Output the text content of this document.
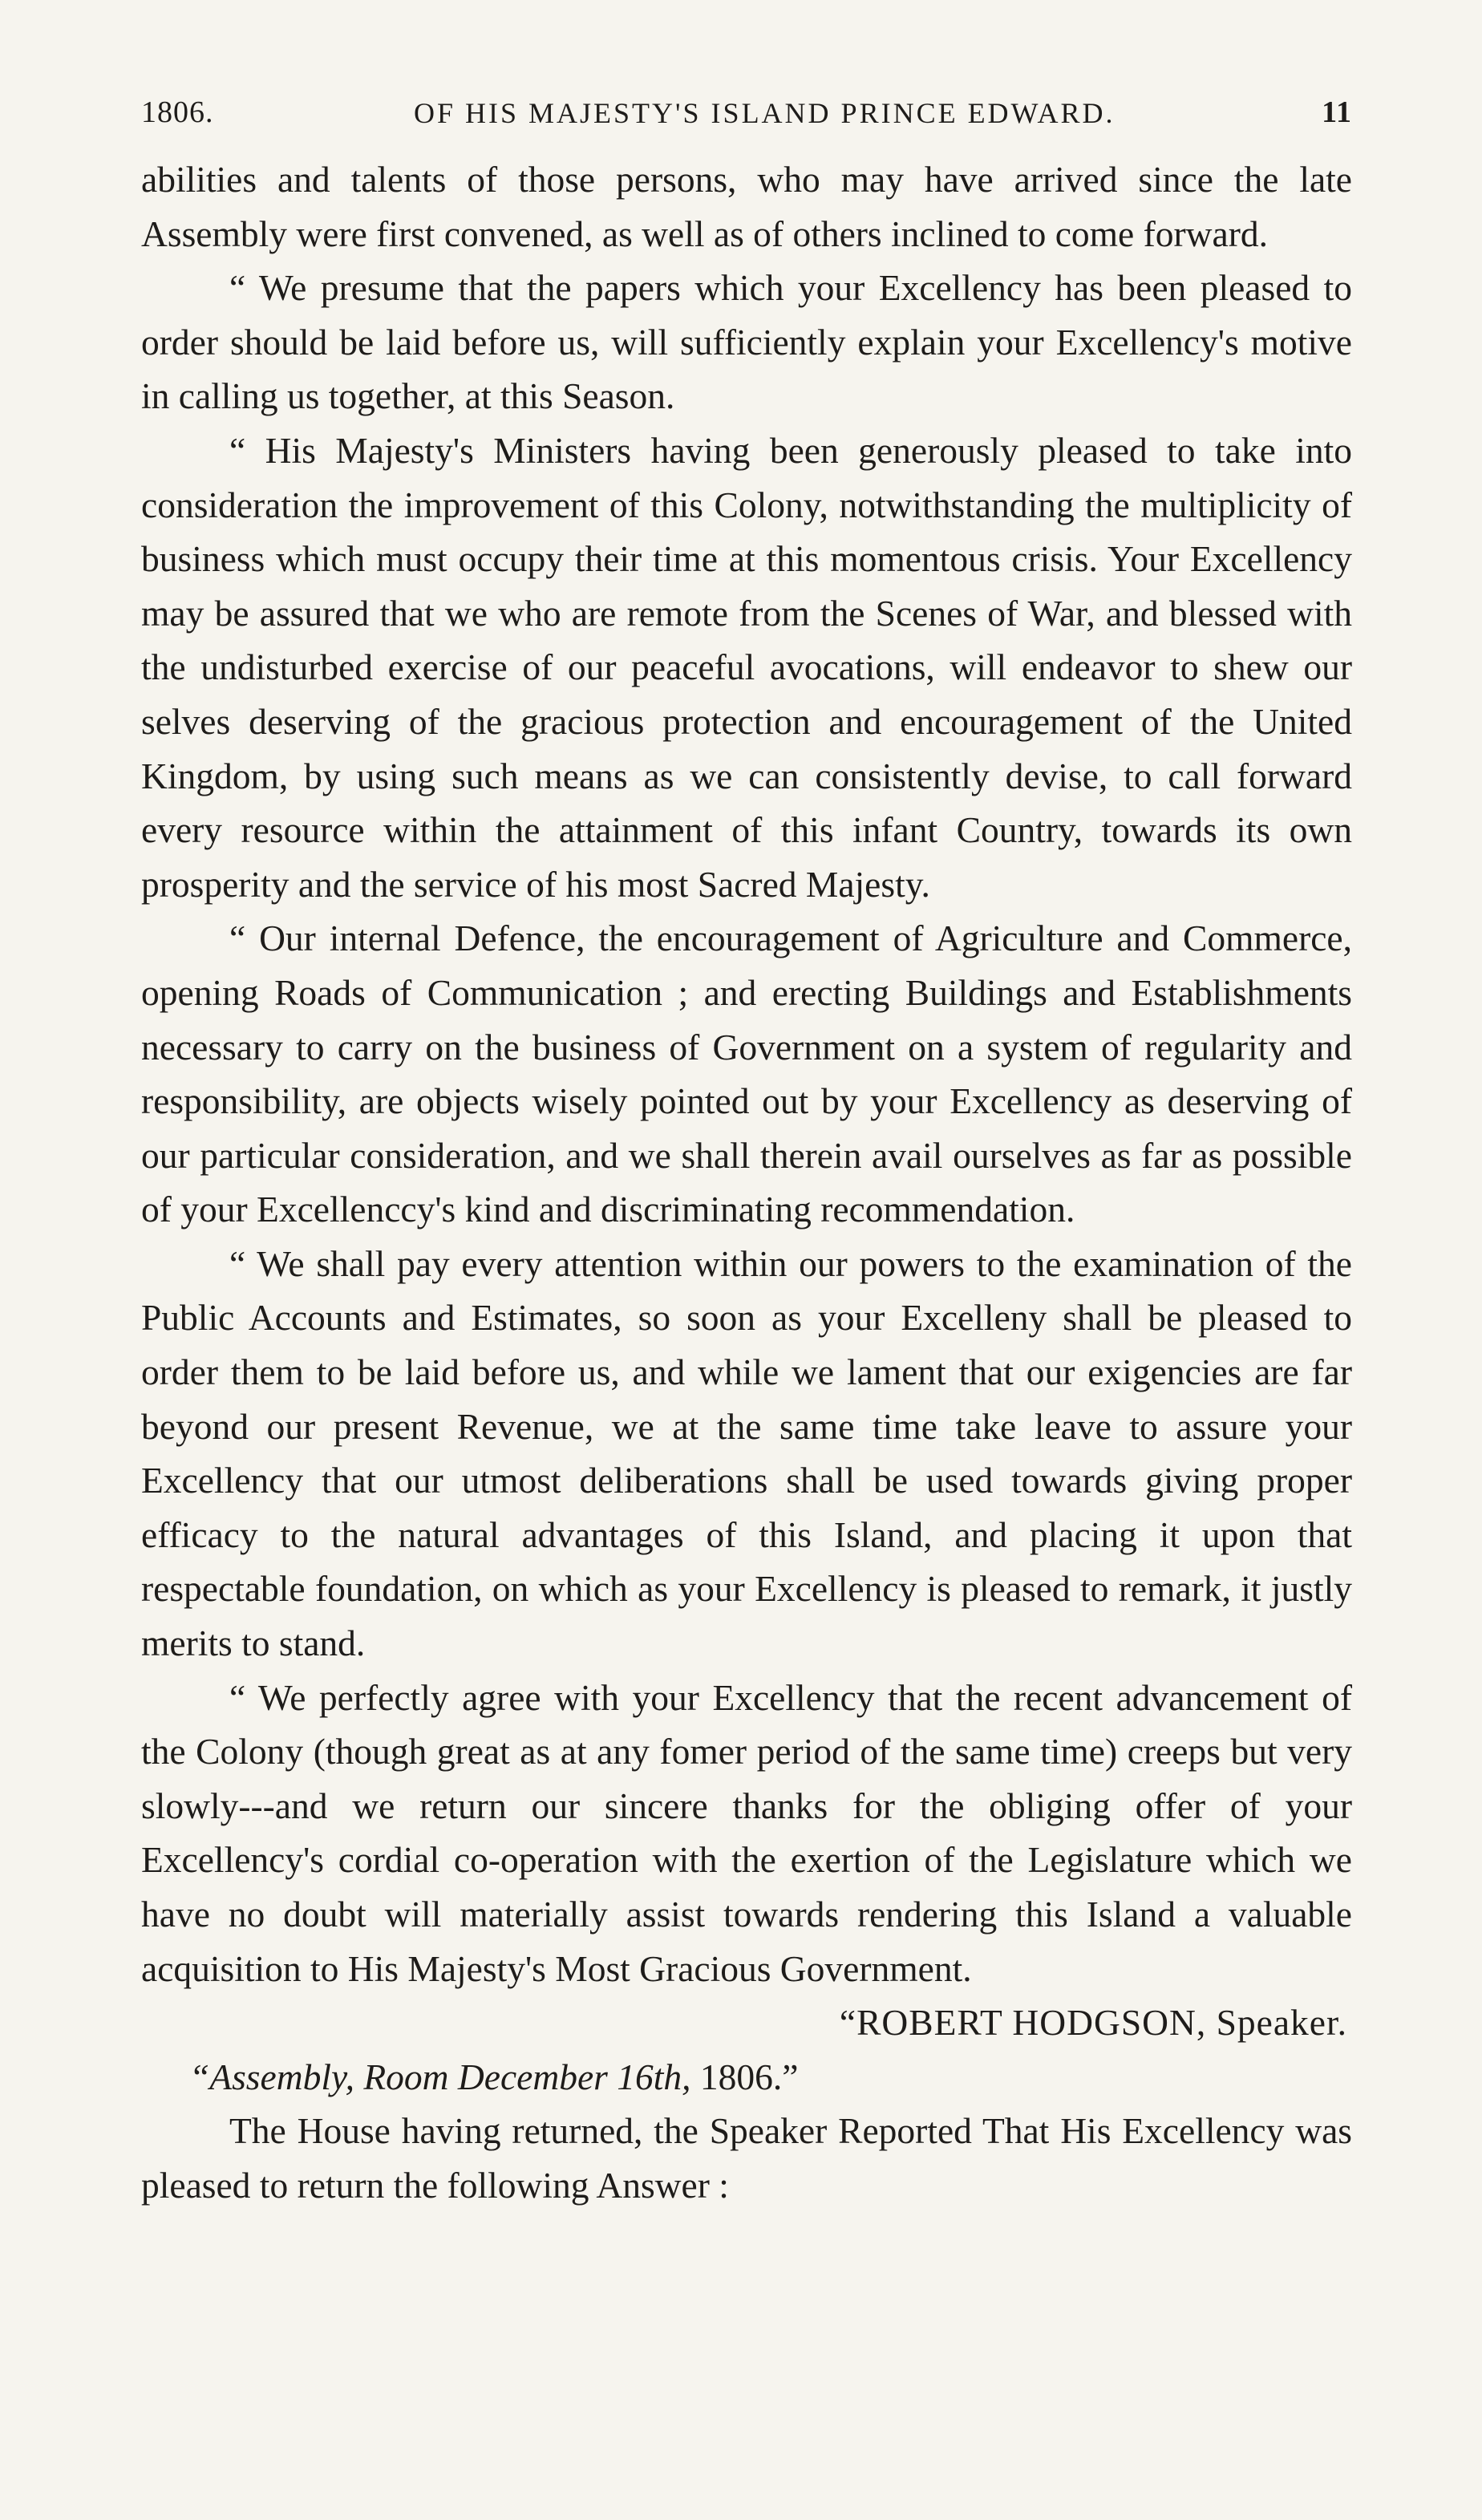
1806.	OF HIS MAJESTY'S ISLAND PRINCE EDWARD.	11

abilities and talents of those persons, who may have arrived since the late Assembly were first convened, as well as of others inclined to come forward.

“ We presume that the papers which your Excellency has been pleased to order should be laid before us, will sufficiently explain your Excellency's motive in calling us together, at this Season.

“ His Majesty's Ministers having been generously pleased to take into consideration the improvement of this Colony, notwithstanding the multiplicity of business which must occupy their time at this momentous crisis. Your Excellency may be assured that we who are remote from the Scenes of War, and blessed with the undisturbed exercise of our peaceful avocations, will endeavor to shew our selves deserving of the gracious protection and encouragement of the United Kingdom, by using such means as we can consistently devise, to call forward every resource within the attainment of this infant Country, towards its own prosperity and the service of his most Sacred Majesty.

“ Our internal Defence, the encouragement of Agriculture and Commerce, opening Roads of Communication ; and erecting Buildings and Establishments necessary to carry on the business of Government on a system of regularity and responsibility, are objects wisely pointed out by your Excellency as deserving of our particular consideration, and we shall therein avail ourselves as far as possible of your Excellenccy's kind and discriminating recommendation.

“ We shall pay every attention within our powers to the examination of the Public Accounts and Estimates, so soon as your Excelleny shall be pleased to order them to be laid before us, and while we lament that our exigencies are far beyond our present Revenue, we at the same time take leave to assure your Excellency that our utmost deliberations shall be used towards giving proper efficacy to the natural advantages of this Island, and placing it upon that respectable foundation, on which as your Excellency is pleased to remark, it justly merits to stand.

“ We perfectly agree with your Excellency that the recent advancement of the Colony (though great as at any fomer period of the same time) creeps but very slowly---and we return our sincere thanks for the obliging offer of your Excellency's cordial co-operation with the exertion of the Legislature which we have no doubt will materially assist towards rendering this Island a valuable acquisition to His Majesty's Most Gracious Government.

“ROBERT HODGSON, Speaker.

“Assembly, Room December 16th, 1806.”

The House having returned, the Speaker Reported That His Excellency was pleased to return the following Answer :
